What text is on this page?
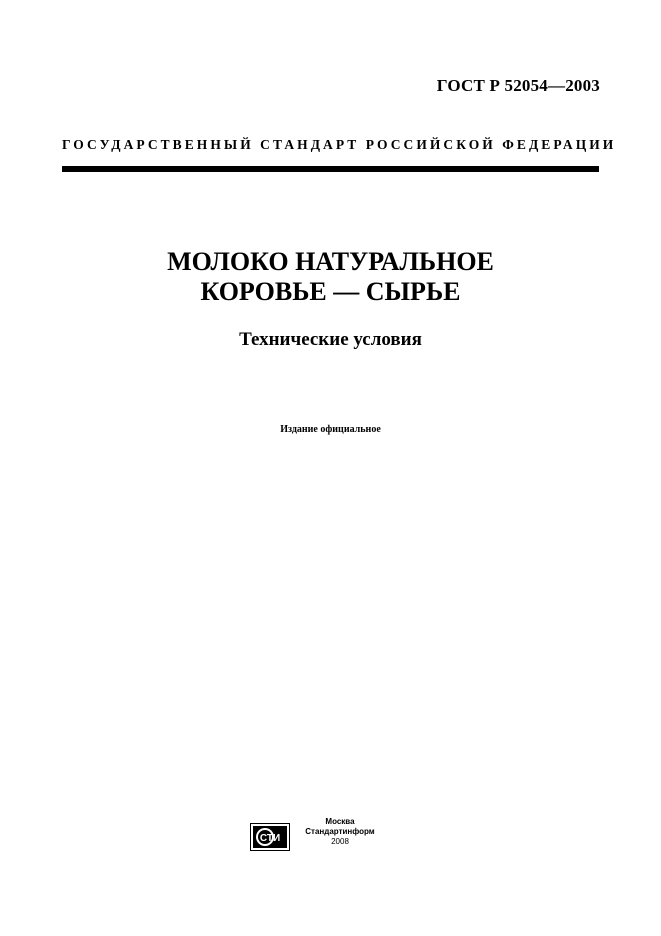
ГОСТ Р 52054—2003
ГОСУДАРСТВЕННЫЙ СТАНДАРТ РОССИЙСКОЙ ФЕДЕРАЦИИ
МОЛОКО НАТУРАЛЬНОЕ
КОРОВЬЕ — СЫРЬЕ
Технические условия
Издание официальное
СТИ
Москва
Стандартинформ
2008
